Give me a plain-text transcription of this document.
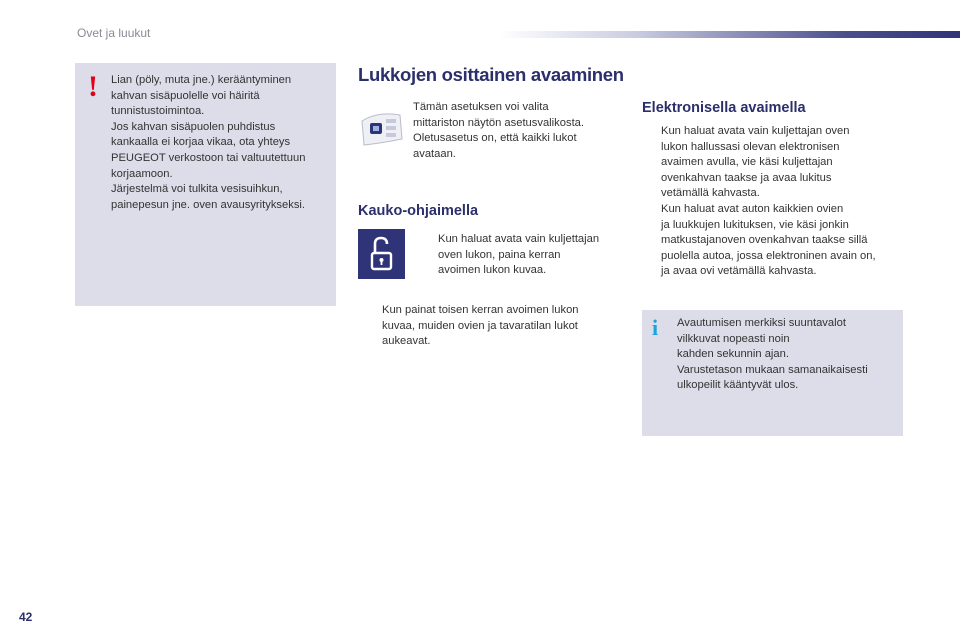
Ovet ja luukut
! Lian (pöly, muta jne.) kerääntyminen
kahvan sisäpuolelle voi häiritä
tunnistustoimintoa.
Jos kahvan sisäpuolen puhdistus
kankaalla ei korjaa vikaa, ota yhteys
PEUGEOT verkostoon tai valtuutettuun
korjaamoon.
Järjestelmä voi tulkita vesisuihkun,
painepesun jne. oven avausyritykseksi.
Lukkojen osittainen avaaminen
Tämän asetuksen voi valita
mittariston näytön asetusvalikosta.
Oletusasetus on, että kaikki lukot
avataan.
Kauko-ohjaimella
Kun haluat avata vain kuljettajan
oven lukon, paina kerran
avoimen lukon kuvaa.
Kun painat toisen kerran avoimen lukon
kuvaa, muiden ovien ja tavaratilan lukot
aukeavat.
Elektronisella avaimella
Kun haluat avata vain kuljettajan oven
lukon hallussasi olevan elektronisen
avaimen avulla, vie käsi kuljettajan
ovenkahvan taakse ja avaa lukitus
vetämällä kahvasta.
Kun haluat avat auton kaikkien ovien
ja luukkujen lukituksen, vie käsi jonkin
matkustajanoven ovenkahvan taakse sillä
puolella autoa, jossa elektroninen avain on,
ja avaa ovi vetämällä kahvasta.
i Avautumisen merkiksi suuntavalot
vilkkuvat nopeasti noin
kahden sekunnin ajan.
Varustetason mukaan samanaikaisesti
ulkopeilit kääntyvät ulos.
42
